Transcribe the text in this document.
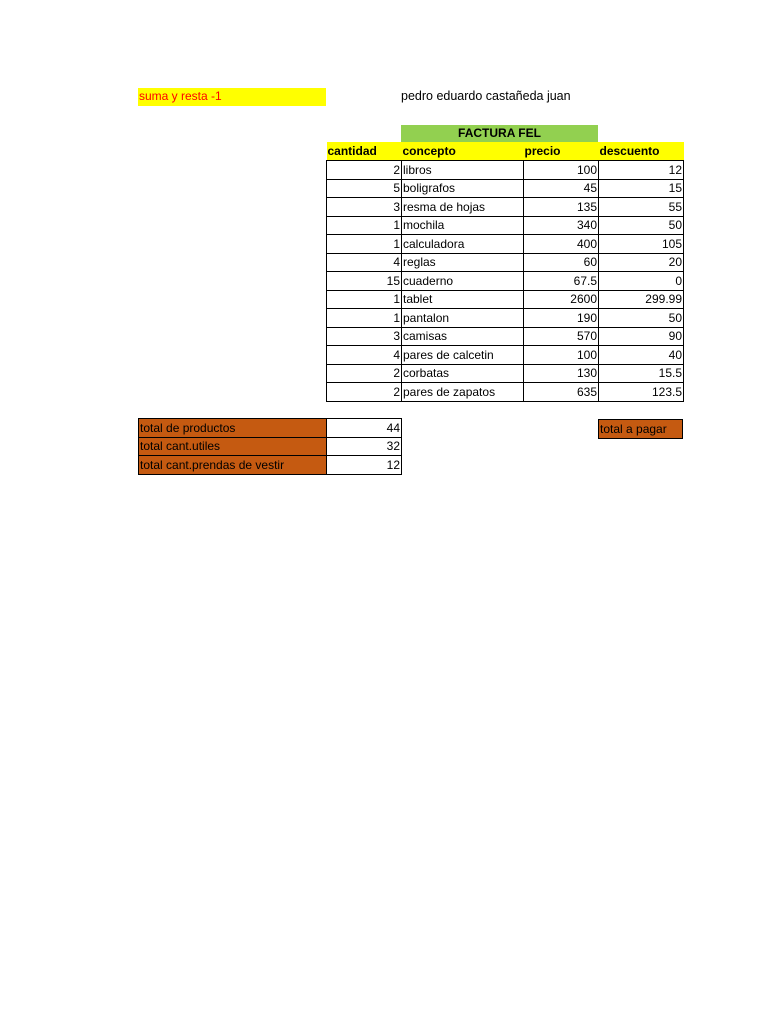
suma y resta -1	pedro eduardo castañeda juan
FACTURA FEL
cantidad	concepto	precio	descuento
2	libros	100	12
5	boligrafos	45	15
3	resma de hojas	135	55
1	mochila	340	50
1	calculadora	400	105
4	reglas	60	20
15	cuaderno	67.5	0
1	tablet	2600	299.99
1	pantalon	190	50
3	camisas	570	90
4	pares de calcetin	100	40
2	corbatas	130	15.5
2	pares de zapatos	635	123.5
total de productos	44
total cant.utiles	32
total cant.prendas de vestir	12
total a pagar
